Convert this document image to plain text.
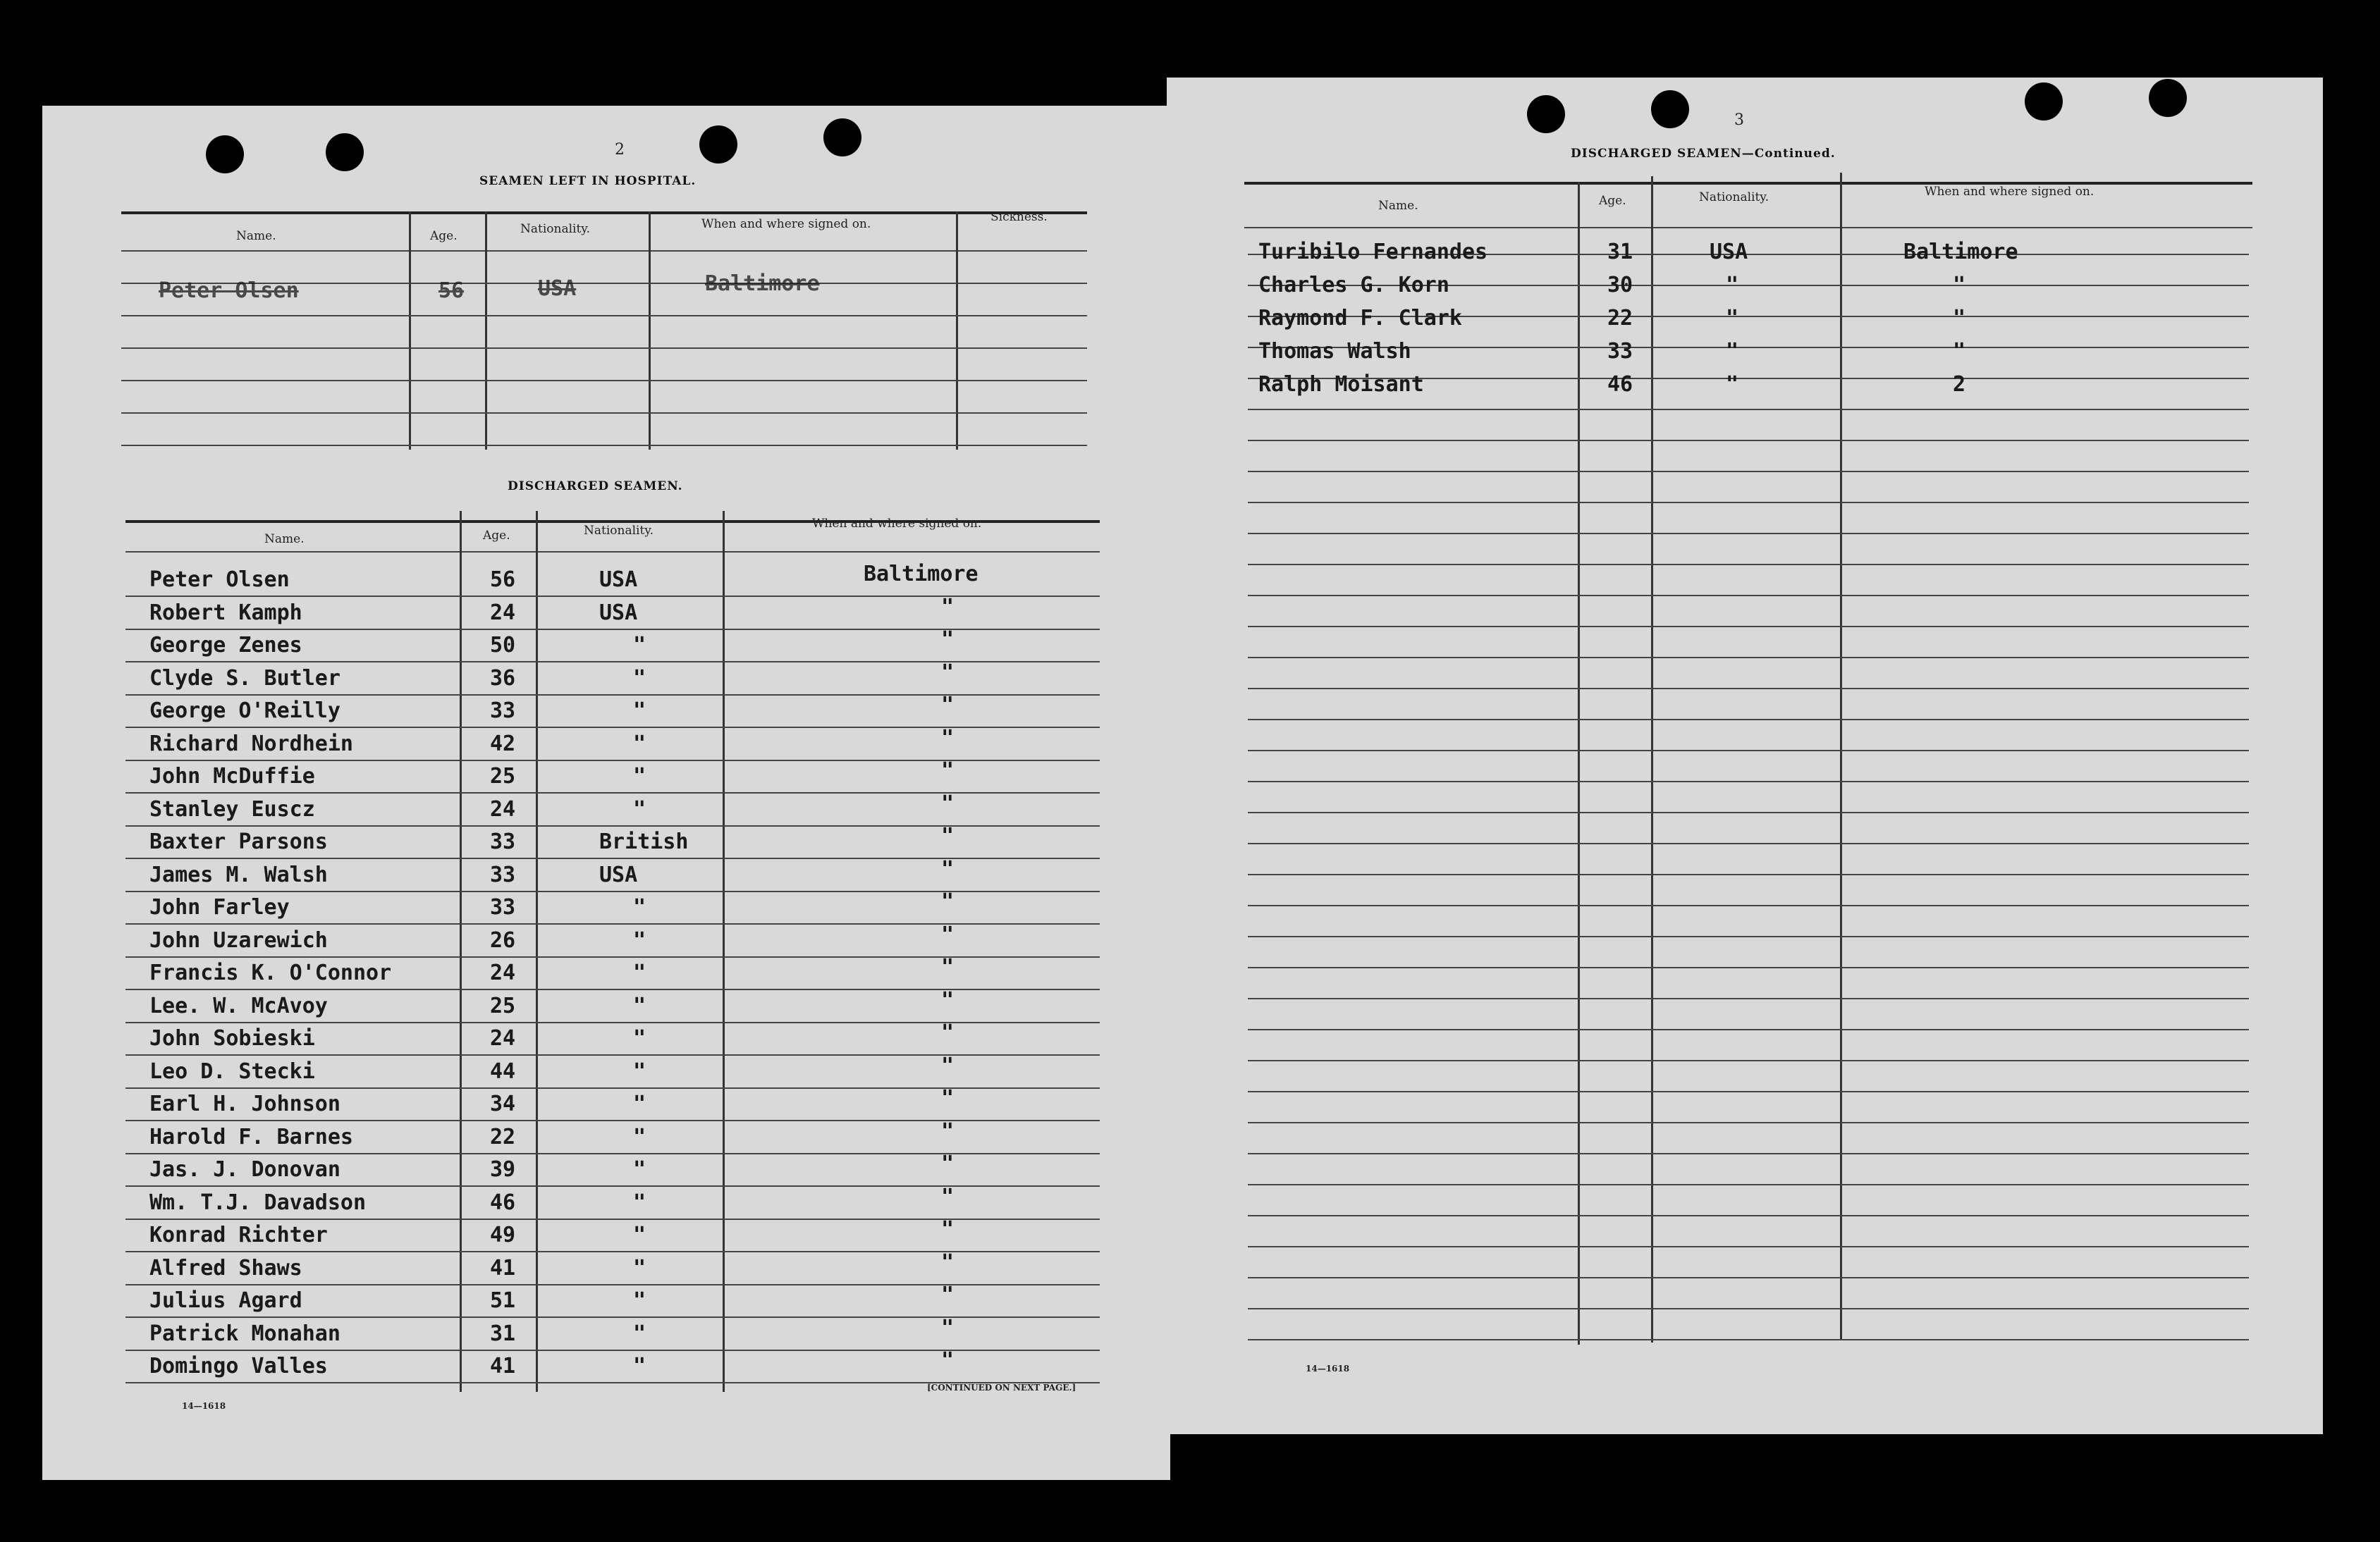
2
SEAMEN LEFT IN HOSPITAL.
Name.	Age.	Nationality.	When and where signed on.	Sickness.
Peter Olsen	56	USA	Baltimore
DISCHARGED SEAMEN.
Name.	Age.	Nationality.	When and where signed on.
Peter Olsen	56	USA	Baltimore
Robert Kamph	24	USA	"
George Zenes	50	"	"
Clyde S. Butler	36	"	"
George O'Reilly	33	"	"
Richard Nordhein	42	"	"
John McDuffie	25	"	"
Stanley Euscz	24	"	"
Baxter Parsons	33	British	"
James M. Walsh	33	USA	"
John Farley	33	"	"
John Uzarewich	26	"	"
Francis K. O'Connor	24	"	"
Lee. W. McAvoy	25	"	"
John Sobieski	24	"	"
Leo D. Stecki	44	"	"
Earl H. Johnson	34	"	"
Harold F. Barnes	22	"	"
Jas. J. Donovan	39	"	"
Wm. T.J. Davadson	46	"	"
Konrad Richter	49	"	"
Alfred Shaws	41	"	"
Julius Agard	51	"	"
Patrick Monahan	31	"	"
Domingo Valles	41	"	"
14—1618
[CONTINUED ON NEXT PAGE.]
3
DISCHARGED SEAMEN—Continued.
Name.	Age.	Nationality.	When and where signed on.
Turibilo Fernandes	31	USA	Baltimore
Charles G. Korn	30	"	"
Raymond F. Clark	22	"	"
Thomas Walsh	33	"	"
Ralph Moisant	46	"	2
14—1618
